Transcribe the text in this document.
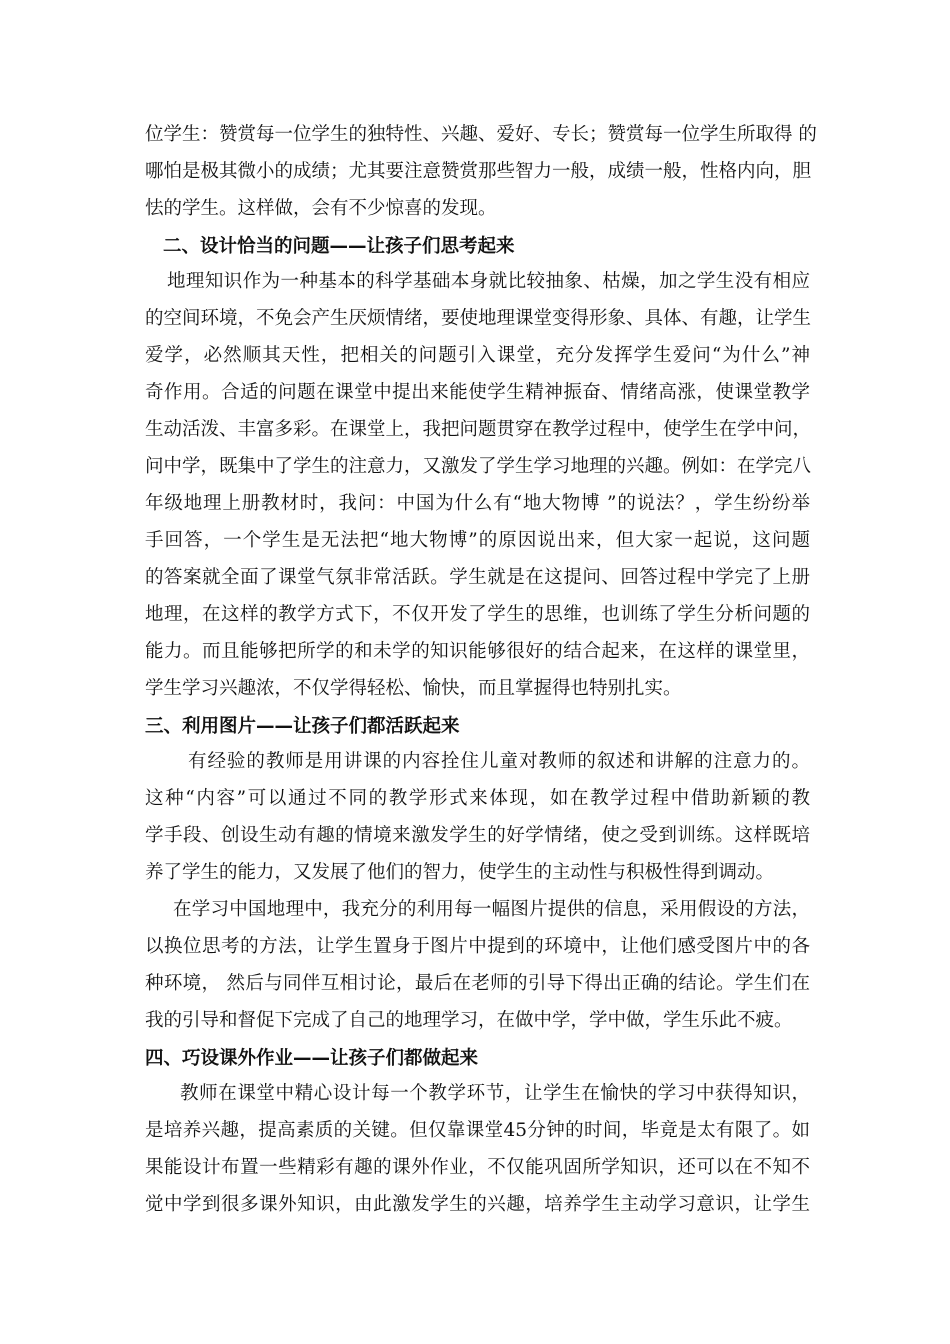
位学生：赞赏每一位学生的独特性、兴趣、爱好、专长；赞赏每一位学生所取得 的
哪怕是极其微小的成绩；尤其要注意赞赏那些智力一般，成绩一般，性格内向，胆
怯的学生。这样做，会有不少惊喜的发现。
二、设计恰当的问题——让孩子们思考起来
地理知识作为一种基本的科学基础本身就比较抽象、枯燥，加之学生没有相应
的空间环境，不免会产生厌烦情绪，要使地理课堂变得形象、具体、有趣，让学生
爱学，必然顺其天性，把相关的问题引入课堂，充分发挥学生爱问“为什么”神
奇作用。合适的问题在课堂中提出来能使学生精神振奋、情绪高涨，使课堂教学
生动活泼、丰富多彩。在课堂上，我把问题贯穿在教学过程中，使学生在学中问，
问中学，既集中了学生的注意力，又激发了学生学习地理的兴趣。例如：在学完八
年级地理上册教材时，我问：中国为什么有“地大物博 ”的说法？，学生纷纷举
手回答，一个学生是无法把“地大物博”的原因说出来，但大家一起说，这问题
的答案就全面了课堂气氛非常活跃。学生就是在这提问、回答过程中学完了上册
地理，在这样的教学方式下，不仅开发了学生的思维，也训练了学生分析问题的
能力。而且能够把所学的和未学的知识能够很好的结合起来，在这样的课堂里，
学生学习兴趣浓，不仅学得轻松、愉快，而且掌握得也特别扎实。
三、利用图片——让孩子们都活跃起来
有经验的教师是用讲课的内容拴住儿童对教师的叙述和讲解的注意力的。
这种“内容”可以通过不同的教学形式来体现，如在教学过程中借助新颖的教
学手段、创设生动有趣的情境来激发学生的好学情绪，使之受到训练。这样既培
养了学生的能力，又发展了他们的智力，使学生的主动性与积极性得到调动。
在学习中国地理中，我充分的利用每一幅图片提供的信息，采用假设的方法，
以换位思考的方法，让学生置身于图片中提到的环境中，让他们感受图片中的各
种环境， 然后与同伴互相讨论，最后在老师的引导下得出正确的结论。学生们在
我的引导和督促下完成了自己的地理学习，在做中学，学中做，学生乐此不疲。
四、巧设课外作业——让孩子们都做起来
教师在课堂中精心设计每一个教学环节，让学生在愉快的学习中获得知识，
是培养兴趣，提高素质的关键。但仅靠课堂45分钟的时间，毕竟是太有限了。如
果能设计布置一些精彩有趣的课外作业，不仅能巩固所学知识，还可以在不知不
觉中学到很多课外知识，由此激发学生的兴趣，培养学生主动学习意识，让学生
